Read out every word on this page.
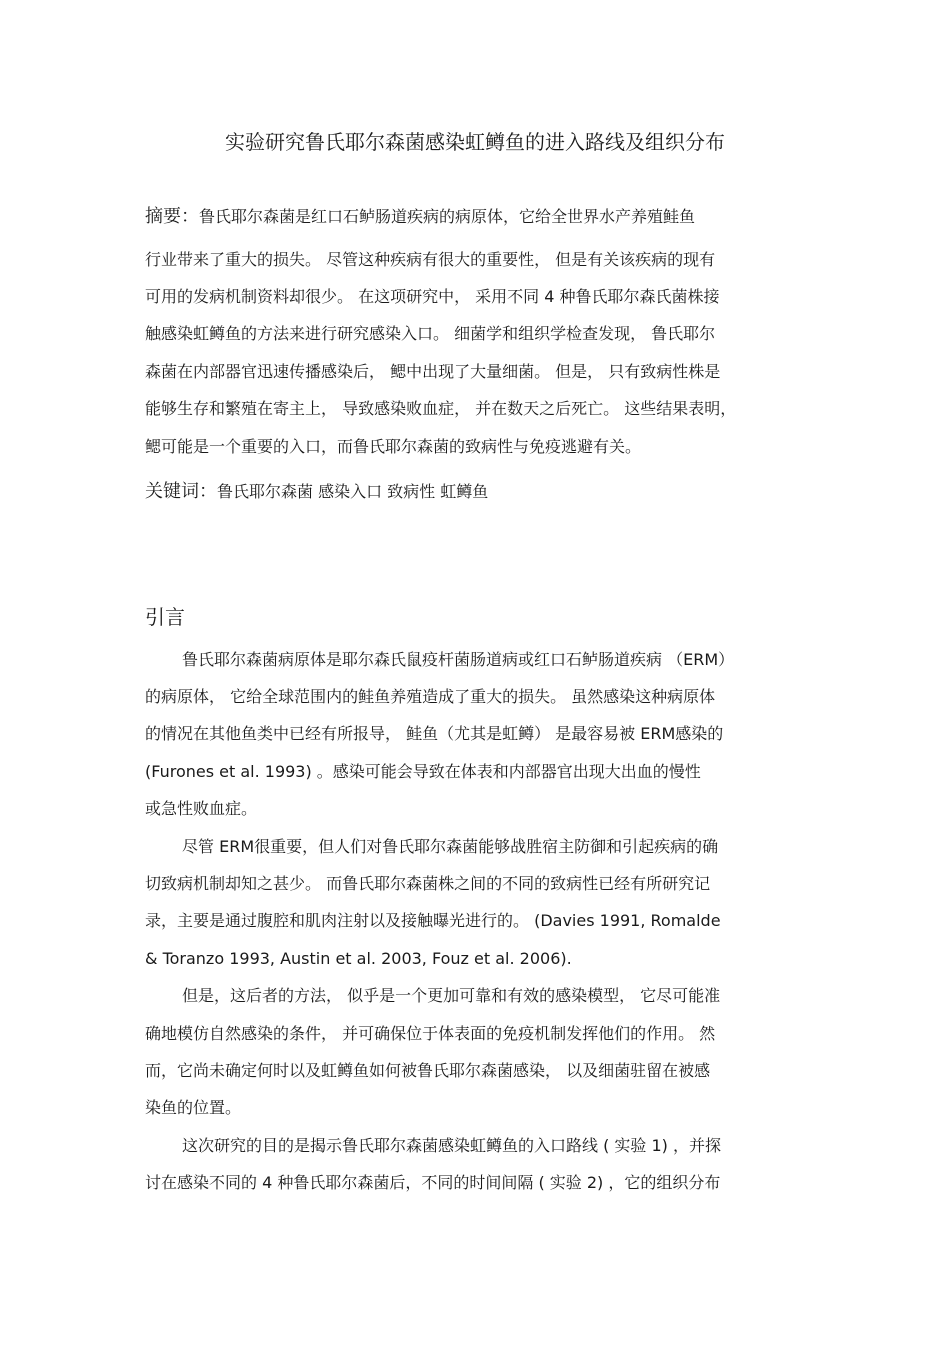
实验研究鲁氏耶尔森菌感染虹鳟鱼的进入路线及组织分布
摘要：鲁氏耶尔森菌是红口石鲈肠道疾病的病原体，它给全世界水产养殖鲑鱼
行业带来了重大的损失。 尽管这种疾病有很大的重要性， 但是有关该疾病的现有
可用的发病机制资料却很少。 在这项研究中， 采用不同 4 种鲁氏耶尔森氏菌株接
触感染虹鳟鱼的方法来进行研究感染入口。 细菌学和组织学检查发现， 鲁氏耶尔
森菌在内部器官迅速传播感染后， 鳃中出现了大量细菌。 但是， 只有致病性株是
能够生存和繁殖在寄主上， 导致感染败血症， 并在数天之后死亡。 这些结果表明，
鳃可能是一个重要的入口，而鲁氏耶尔森菌的致病性与免疫逃避有关。
关键词：鲁氏耶尔森菌 感染入口 致病性 虹鳟鱼
引言
鲁氏耶尔森菌病原体是耶尔森氏鼠疫杆菌肠道病或红口石鲈肠道疾病 （ERM）
的病原体， 它给全球范围内的鲑鱼养殖造成了重大的损失。 虽然感染这种病原体
的情况在其他鱼类中已经有所报导， 鲑鱼（尤其是虹鳟） 是最容易被 ERM感染的
(Furones et al. 1993) 。感染可能会导致在体表和内部器官出现大出血的慢性
或急性败血症。
尽管 ERM很重要，但人们对鲁氏耶尔森菌能够战胜宿主防御和引起疾病的确
切致病机制却知之甚少。 而鲁氏耶尔森菌株之间的不同的致病性已经有所研究记
录，主要是通过腹腔和肌肉注射以及接触曝光进行的。 (Davies 1991, Romalde
& Toranzo 1993, Austin et al. 2003, Fouz et al. 2006).
但是，这后者的方法， 似乎是一个更加可靠和有效的感染模型， 它尽可能准
确地模仿自然感染的条件， 并可确保位于体表面的免疫机制发挥他们的作用。 然
而，它尚未确定何时以及虹鳟鱼如何被鲁氏耶尔森菌感染， 以及细菌驻留在被感
染鱼的位置。
这次研究的目的是揭示鲁氏耶尔森菌感染虹鳟鱼的入口路线 ( 实验 1) ，并探
讨在感染不同的 4 种鲁氏耶尔森菌后，不同的时间间隔 ( 实验 2) ，它的组织分布
